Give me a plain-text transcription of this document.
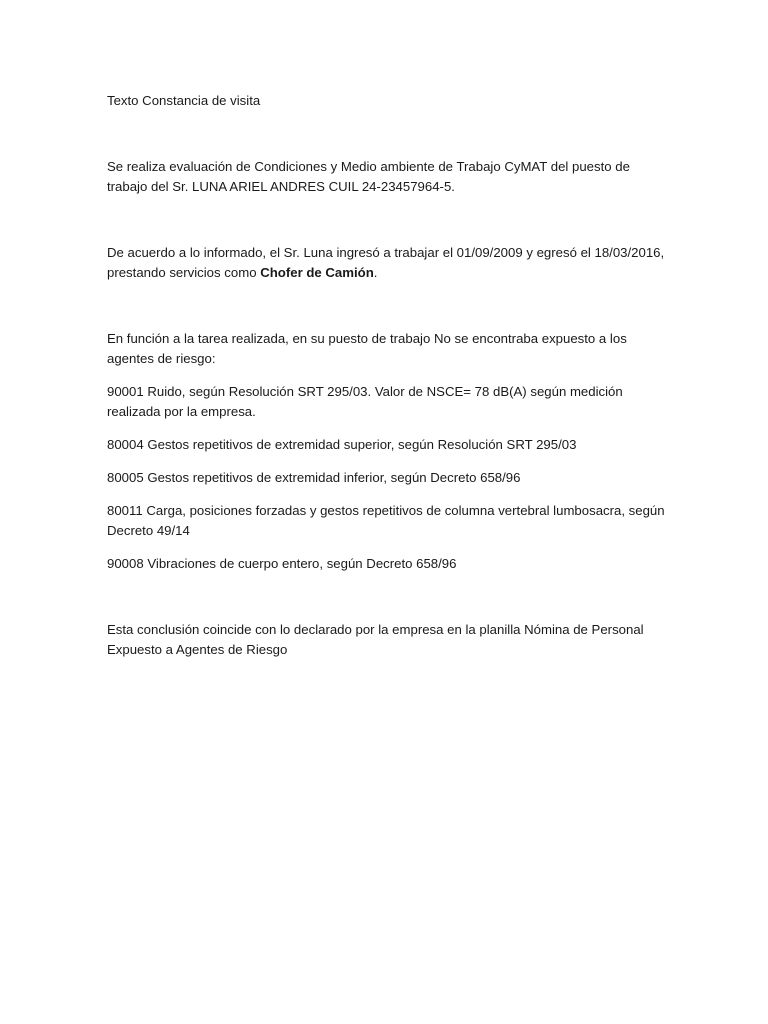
Texto Constancia de visita

Se realiza evaluación de Condiciones y Medio ambiente de Trabajo CyMAT del puesto de trabajo del Sr. LUNA ARIEL ANDRES CUIL 24-23457964-5.

De acuerdo a lo informado, el Sr. Luna ingresó a trabajar el 01/09/2009 y egresó el 18/03/2016, prestando servicios como Chofer de Camión.

En función a la tarea realizada, en su puesto de trabajo No se encontraba expuesto a los agentes de riesgo:

90001 Ruido, según Resolución SRT 295/03. Valor de NSCE= 78 dB(A) según medición realizada por la empresa.

80004 Gestos repetitivos de extremidad superior, según Resolución SRT 295/03

80005 Gestos repetitivos de extremidad inferior, según Decreto 658/96

80011 Carga, posiciones forzadas y gestos repetitivos de columna vertebral lumbosacra, según Decreto 49/14

90008 Vibraciones de cuerpo entero, según Decreto 658/96

Esta conclusión coincide con lo declarado por la empresa en la planilla Nómina de Personal Expuesto a Agentes de Riesgo
